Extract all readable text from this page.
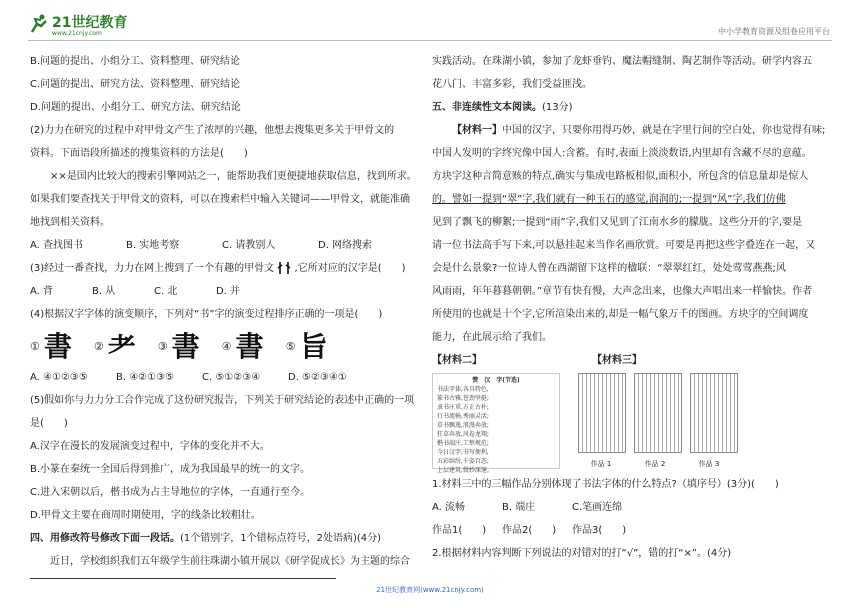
21世纪教育
www.21cnjy.com	中小学教育资源及组卷应用平台
B.问题的提出、小组分工、资料整理、研究结论
C.问题的提出、研究方法、资料整理、研究结论
D.问题的提出、小组分工、研究方法、研究结论
(2)力力在研究的过程中对甲骨文产生了浓厚的兴趣，他想去搜集更多关于甲骨文的
资料。下面语段所描述的搜集资料的方法是(　　)
××是国内比较大的搜索引擎网站之一，能帮助我们更便捷地获取信息，找到所求。
如果我们要查找关于甲骨文的资料，可以在搜索栏中输入关键词——甲骨文，就能准确
地找到相关资料。
A. 查找图书	B. 实地考察	C. 请教别人	D. 网络搜索
(3)经过一番查找，力力在网上搜到了一个有趣的甲骨文 ,它所对应的汉字是(　　)
A. 背	B. 从	C. 北	D. 并
(4)根据汉字字体的演变顺序，下列对“书”字的演变过程排序正确的一项是(　　)
① 書 ② 耂 ③ 書 ④ 書 ⑤ 旨
A. ④①②③⑤	B. ④②①③⑤	C. ⑤①②③④	D. ⑤②③④①
(5)假如你与力力分工合作完成了这份研究报告，下列关于研究结论的表述中正确的一项
是(　　)
A.汉字在漫长的发展演变过程中，字体的变化并不大。
B.小篆在秦统一全国后得到推广，成为我国最早的统一的文字。
C.进入宋朝以后，楷书成为占主导地位的字体，一直通行至今。
D.甲骨文主要在商周时期使用，字的线条比较粗壮。
四、用修改符号修改下面一段话。(1个错别字，1个错标点符号，2处语病)(4分)
近日，学校组织我们五年级学生前往珠湖小镇开展以《研学促成长》为主题的综合
实践活动。在珠湖小镇，参加了龙虾垂钓、魔法帽缝制、陶艺制作等活动。研学内容五
花八门、丰富多彩，我们受益匪浅。
五、非连续性文本阅读。(13分)
【材料一】中国的汉字，只要你用得巧妙，就是在字里行间的空白处，你也觉得有味;
中国人发明的字终究像中国人:含蓄。有时,表面上淡淡数语,内里却有含藏不尽的意蕴。
方块字这种言简意赅的特点,确实与集成电路板相似,面积小，所包含的信息量却是惊人
的。譬如一提到“翠”字,我们就有一种玉石的感觉,润润的;一提到“风”字,我们仿佛
见到了飘飞的柳絮;一提到“雨”字,我们又见到了江南水乡的朦胧。这些分开的字,要是
请一位书法高手写下来,可以悬挂起来当作名画欣赏。可要是再把这些字叠连在一起，又
会是什么景象?一位诗人曾在西湖留下这样的楹联：“翠翠红红，处处莺莺燕燕;风
风雨雨，年年暮暮朝朝。”章节有快有慢，大声念出来，也像大声唱出来一样愉快。作者
所使用的也就是十个字,它所渲染出来的,却是一幅气象万千的图画。方块字的空间调度
能力，在此展示给了我们。
【材料二】	【材料三】
赞　汉　字(节选)
书法字体,各具特色,
篆书古雅,苍劲坚挺;
隶书庄重,方正古朴;
行书流畅,秀丽灵活;
草书飘逸,浪漫奔放;
狂草奔放,风卷龙翔;
楷书端庄,工整规范;
今日汉字,书写便利,
五彩缤纷,千姿百态;
上层建筑,微妙深邃。
作品 1	作品 2	作品 3
1.材料三中的三幅作品分别体现了书法字体的什么特点?（填序号）(3分)(　　)
A. 流畅	B. 端庄	C.笔画连绵
作品1(　　)	作品2(　　)	作品3(　　)
2.根据材料内容判断下列说法的对错对的打“√”，错的打“×”。(4分)
21世纪教育网(www.21cnjy.com)
